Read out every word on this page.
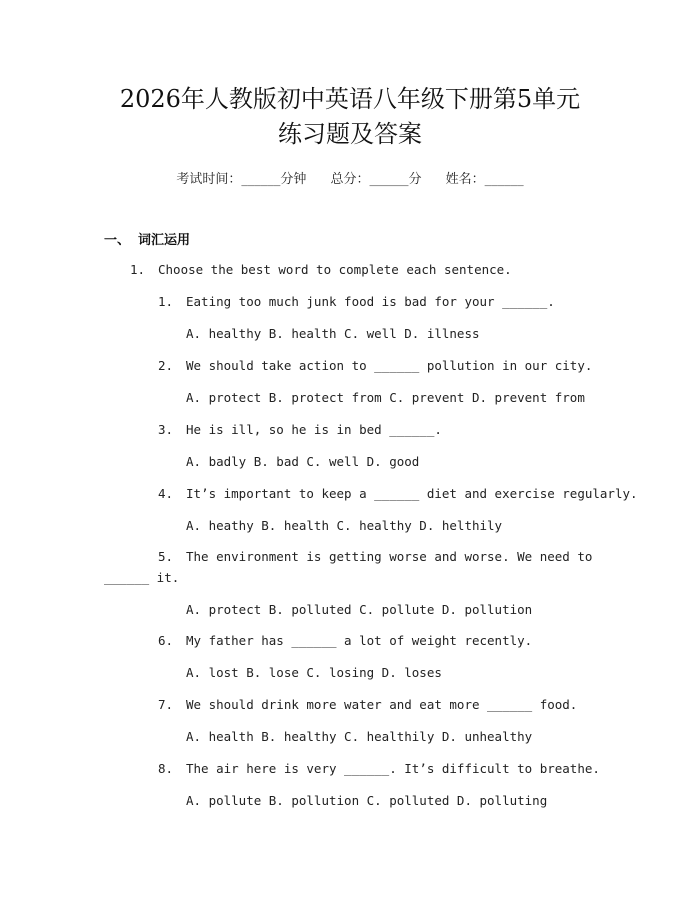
2026年人教版初中英语八年级下册第5单元
练习题及答案
考试时间：______分钟 总分：______分 姓名：______
一、 词汇运用
1. Choose the best word to complete each sentence.
1. Eating too much junk food is bad for your ______.
A. healthy B. health C. well D. illness
2. We should take action to ______ pollution in our city.
A. protect B. protect from C. prevent D. prevent from
3. He is ill, so he is in bed ______.
A. badly B. bad C. well D. good
4. It’s important to keep a ______ diet and exercise regularly.
A. heathy B. health C. healthy D. helthily
5. The environment is getting worse and worse. We need to
______ it.
A. protect B. polluted C. pollute D. pollution
6. My father has ______ a lot of weight recently.
A. lost B. lose C. losing D. loses
7. We should drink more water and eat more ______ food.
A. health B. healthy C. healthily D. unhealthy
8. The air here is very ______. It’s difficult to breathe.
A. pollute B. pollution C. polluted D. polluting
